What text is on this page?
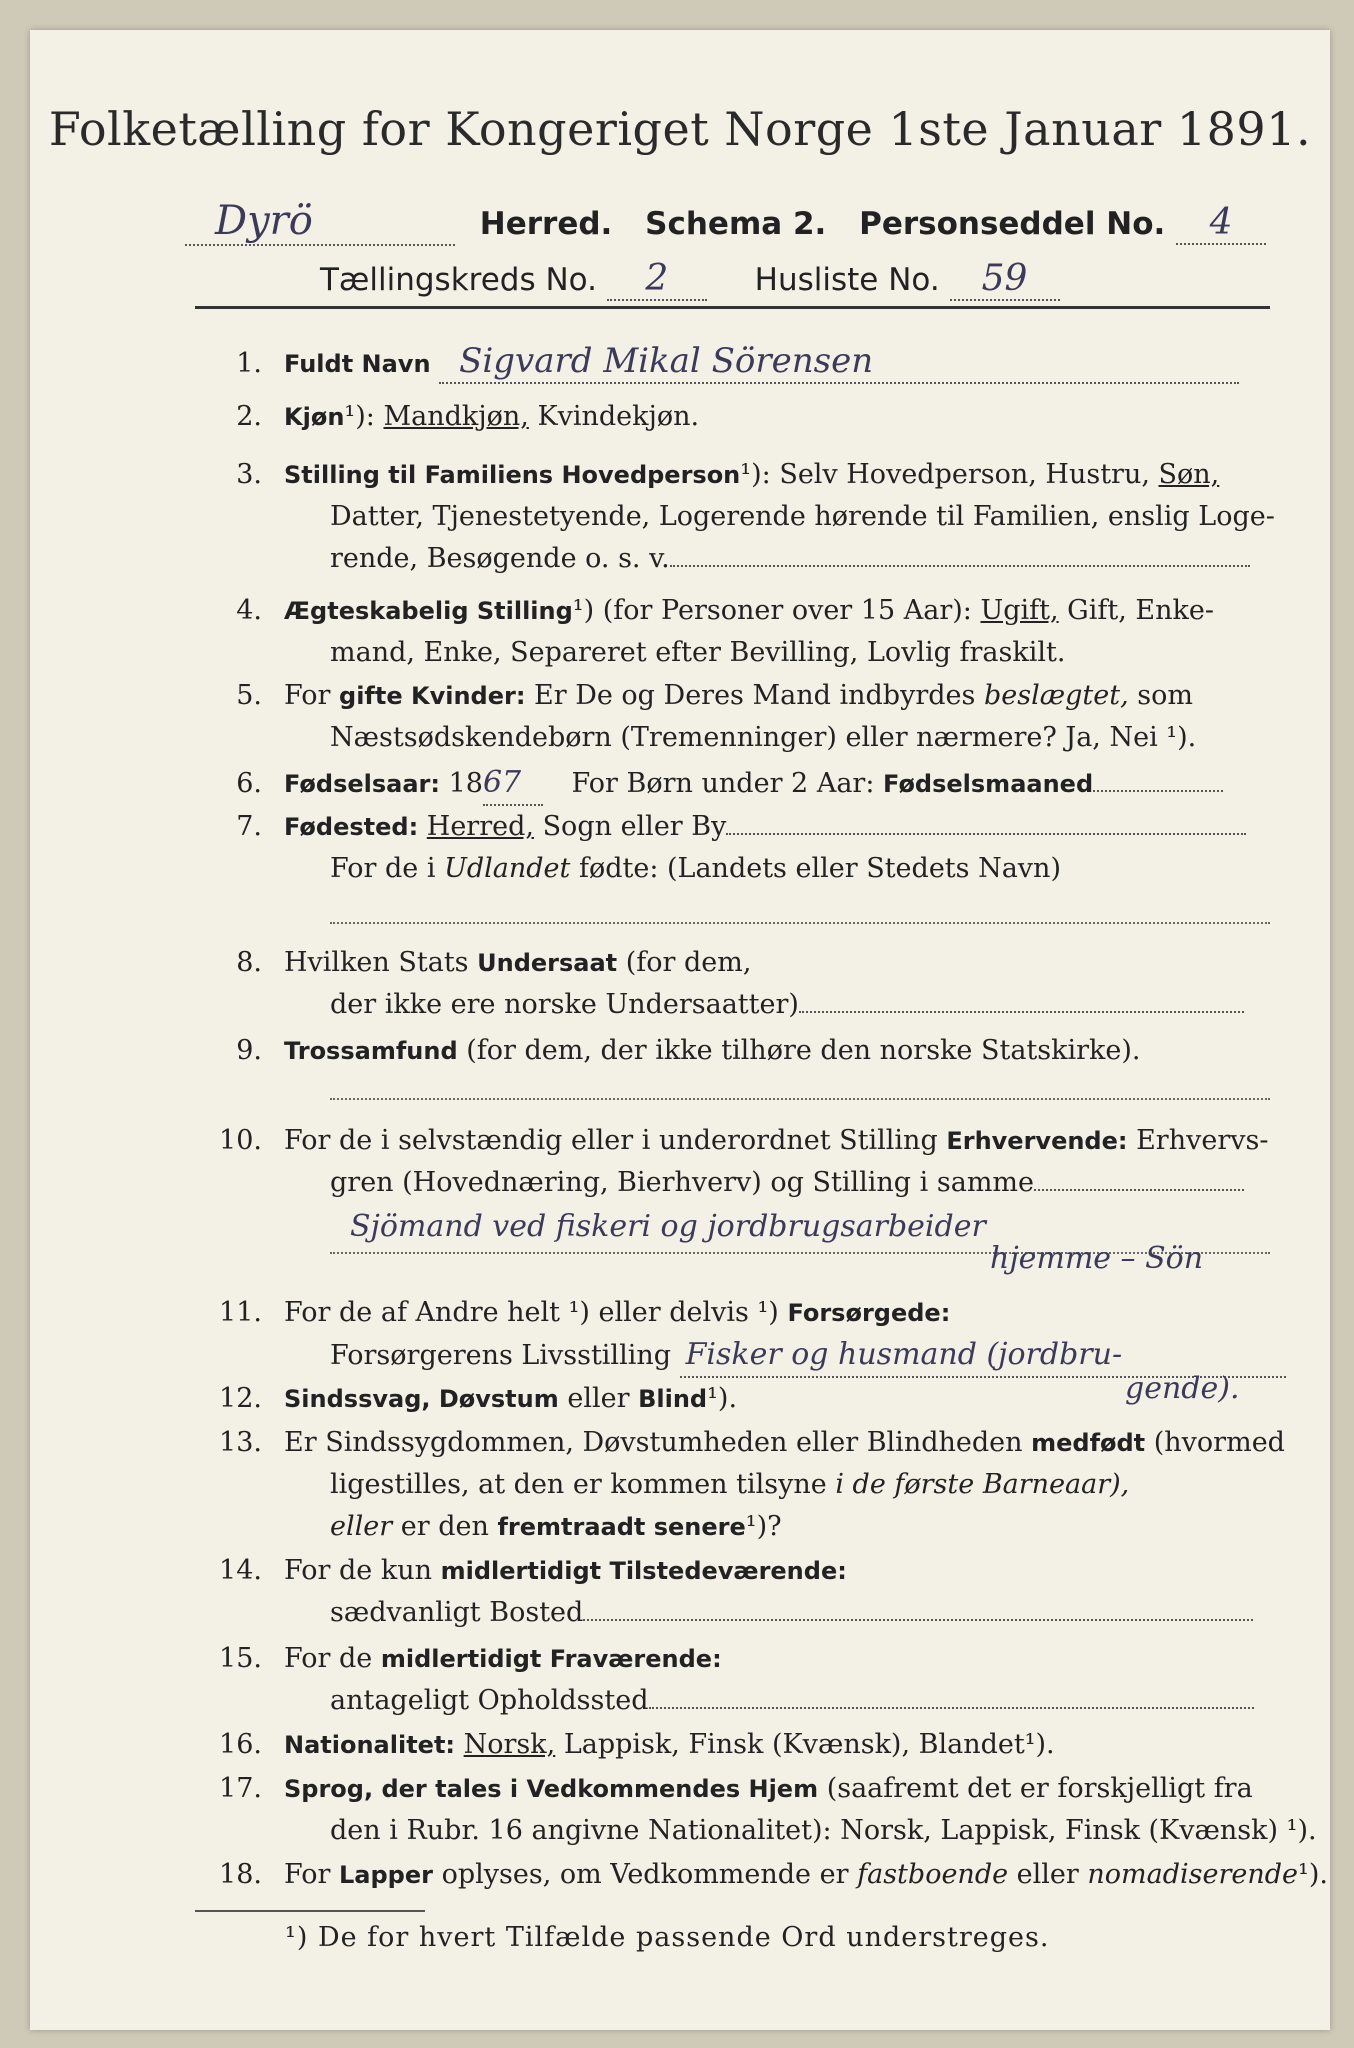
Folketælling for Kongeriget Norge 1ste Januar 1891.
Dyrö	Herred. Schema 2. Personseddel No. 4
Tællingskreds No. 2	Husliste No. 59
1. Fuldt Navn Sigvard Mikal Sörensen
2. Kjøn¹): Mandkjøn, Kvindekjøn.
3. Stilling til Familiens Hovedperson¹): Selv Hovedperson, Hustru, Søn,
Datter, Tjenestetyende, Logerende hørende til Familien, enslig Loge-
rende, Besøgende o. s. v.
4. Ægteskabelig Stilling¹) (for Personer over 15 Aar): Ugift, Gift, Enke-
mand, Enke, Separeret efter Bevilling, Lovlig fraskilt.
5. For gifte Kvinder: Er De og Deres Mand indbyrdes beslægtet, som
Næstsødskendebørn (Tremenninger) eller nærmere? Ja, Nei ¹).
6. Fødselsaar: 1867 For Børn under 2 Aar: Fødselsmaaned
7. Fødested: Herred, Sogn eller By
For de i Udlandet fødte: (Landets eller Stedets Navn)
8. Hvilken Stats Undersaat (for dem,
der ikke ere norske Undersaatter)
9. Trossamfund (for dem, der ikke tilhøre den norske Statskirke).
10. For de i selvstændig eller i underordnet Stilling Erhvervende: Erhvervs-
gren (Hovednæring, Bierhverv) og Stilling i samme
Sjömand ved fiskeri og jordbrugsarbeider
hjemme – Sön
11. For de af Andre helt ¹) eller delvis ¹) Forsørgede:
Forsørgerens Livsstilling Fisker og husmand (jordbru-
gende).
12. Sindssvag, Døvstum eller Blind¹).
13. Er Sindssygdommen, Døvstumheden eller Blindheden medfødt (hvormed
ligestilles, at den er kommen tilsyne i de første Barneaar),
eller er den fremtraadt senere¹)?
14. For de kun midlertidigt Tilstedeværende:
sædvanligt Bosted
15. For de midlertidigt Fraværende:
antageligt Opholdssted
16. Nationalitet: Norsk, Lappisk, Finsk (Kvænsk), Blandet¹).
17. Sprog, der tales i Vedkommendes Hjem (saafremt det er forskjelligt fra
den i Rubr. 16 angivne Nationalitet): Norsk, Lappisk, Finsk (Kvænsk) ¹).
18. For Lapper oplyses, om Vedkommende er fastboende eller nomadiserende¹).
¹) De for hvert Tilfælde passende Ord understreges.
